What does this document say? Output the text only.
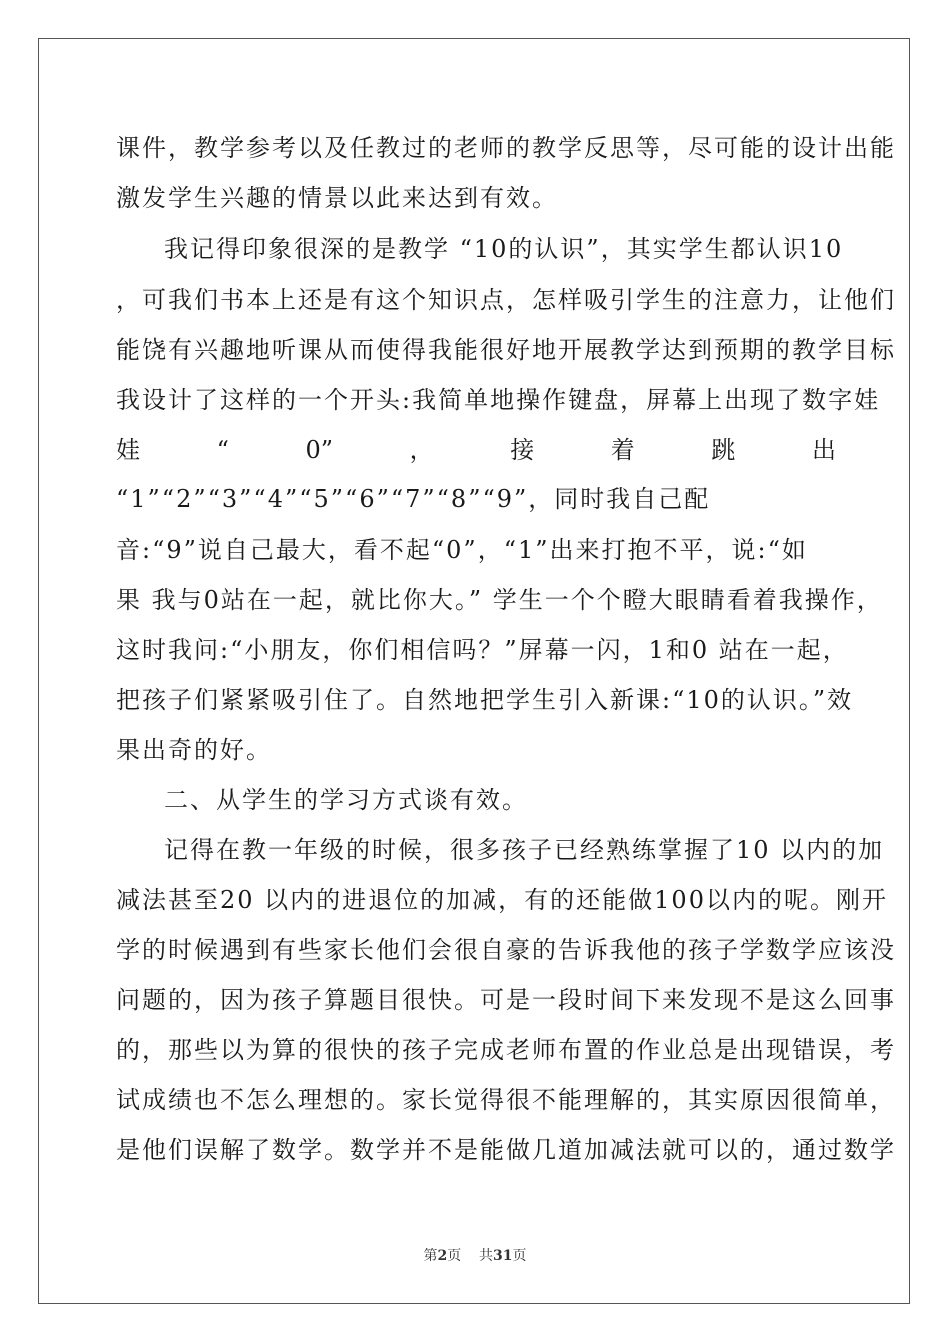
课件，教学参考以及任教过的老师的教学反思等，尽可能的设计出能
激发学生兴趣的情景以此来达到有效。
我记得印象很深的是教学 “10的认识”，其实学生都认识10
，可我们书本上还是有这个知识点，怎样吸引学生的注意力，让他们
能饶有兴趣地听课从而使得我能很好地开展教学达到预期的教学目标
我设计了这样的一个开头:我简单地操作键盘，屏幕上出现了数字娃
娃	“	0”	，	接	着	跳	出
“1”“2”“3”“4”“5”“6”“7”“8”“9”，同时我自己配
音:“9”说自己最大，看不起“0”，“1”出来打抱不平，说:“如
果 我与0站在一起，就比你大。” 学生一个个瞪大眼睛看着我操作，
这时我问:“小朋友，你们相信吗？”屏幕一闪，1和0 站在一起，
把孩子们紧紧吸引住了。自然地把学生引入新课:“10的认识。”效
果出奇的好。
二、从学生的学习方式谈有效。
记得在教一年级的时候，很多孩子已经熟练掌握了10 以内的加
减法甚至20 以内的进退位的加减，有的还能做100以内的呢。刚开
学的时候遇到有些家长他们会很自豪的告诉我他的孩子学数学应该没
问题的，因为孩子算题目很快。可是一段时间下来发现不是这么回事
的，那些以为算的很快的孩子完成老师布置的作业总是出现错误，考
试成绩也不怎么理想的。家长觉得很不能理解的，其实原因很简单，
是他们误解了数学。数学并不是能做几道加减法就可以的，通过数学
第2页 共31页
